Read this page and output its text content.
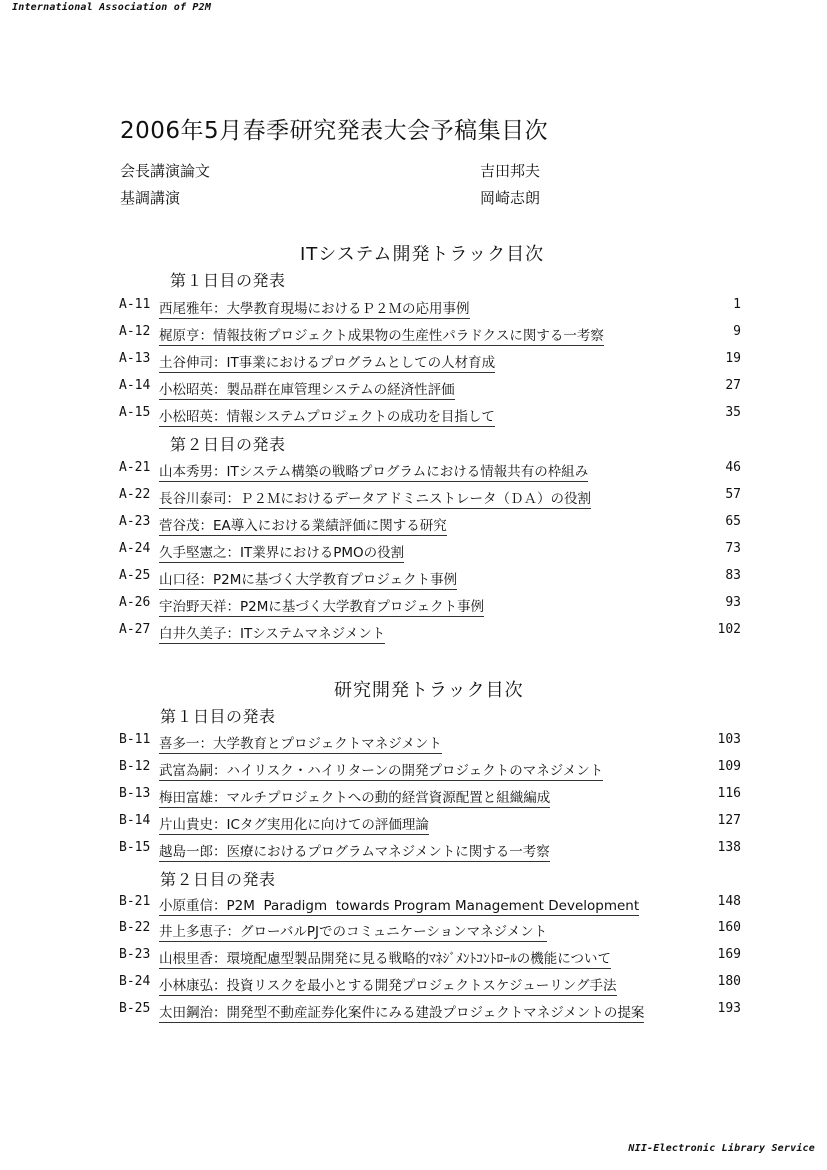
International Association of P2M
2006年5月春季研究発表大会予稿集目次
会長講演論文	吉田邦夫
基調講演	岡崎志朗
ITシステム開発トラック目次
第１日目の発表
A-11 西尾雅年：大學教育現場におけるＰ２Ｍの応用事例	1
A-12 梶原亨：情報技術プロジェクト成果物の生産性パラドクスに関する一考察	9
A-13 土谷伸司：IT事業におけるプログラムとしての人材育成	19
A-14 小松昭英：製品群在庫管理システムの経済性評価	27
A-15 小松昭英：情報システムプロジェクトの成功を目指して	35
第２日目の発表
A-21 山本秀男：ITシステム構築の戦略プログラムにおける情報共有の枠組み	46
A-22 長谷川泰司：Ｐ２Ｍにおけるデータアドミニストレータ（ＤＡ）の役割	57
A-23 菅谷茂：EA導入における業績評価に関する研究	65
A-24 久手堅憲之：IT業界におけるPMOの役割	73
A-25 山口径：P2Mに基づく大学教育プロジェクト事例	83
A-26 宇治野天祥：P2Mに基づく大学教育プロジェクト事例	93
A-27 白井久美子：ITシステムマネジメント	102
研究開発トラック目次
第１日目の発表
B-11 喜多一：大学教育とプロジェクトマネジメント	103
B-12 武富為嗣：ハイリスク・ハイリターンの開発プロジェクトのマネジメント	109
B-13 梅田富雄：マルチプロジェクトへの動的経営資源配置と組織編成	116
B-14 片山貴史：ICタグ実用化に向けての評価理論	127
B-15 越島一郎：医療におけるプログラムマネジメントに関する一考察	138
第２日目の発表
B-21 小原重信：P2M  Paradigm  towards Program Management Development	148
B-22 井上多恵子：グローバルPJでのコミュニケーションマネジメント	160
B-23 山根里香：環境配慮型製品開発に見る戦略的ﾏﾈｼﾞﾒﾝﾄｺﾝﾄﾛｰﾙの機能について	169
B-24 小林康弘：投資リスクを最小とする開発プロジェクトスケジューリング手法	180
B-25 太田鋼治：開発型不動産証券化案件にみる建設プロジェクトマネジメントの提案	193
NII-Electronic Library Service
